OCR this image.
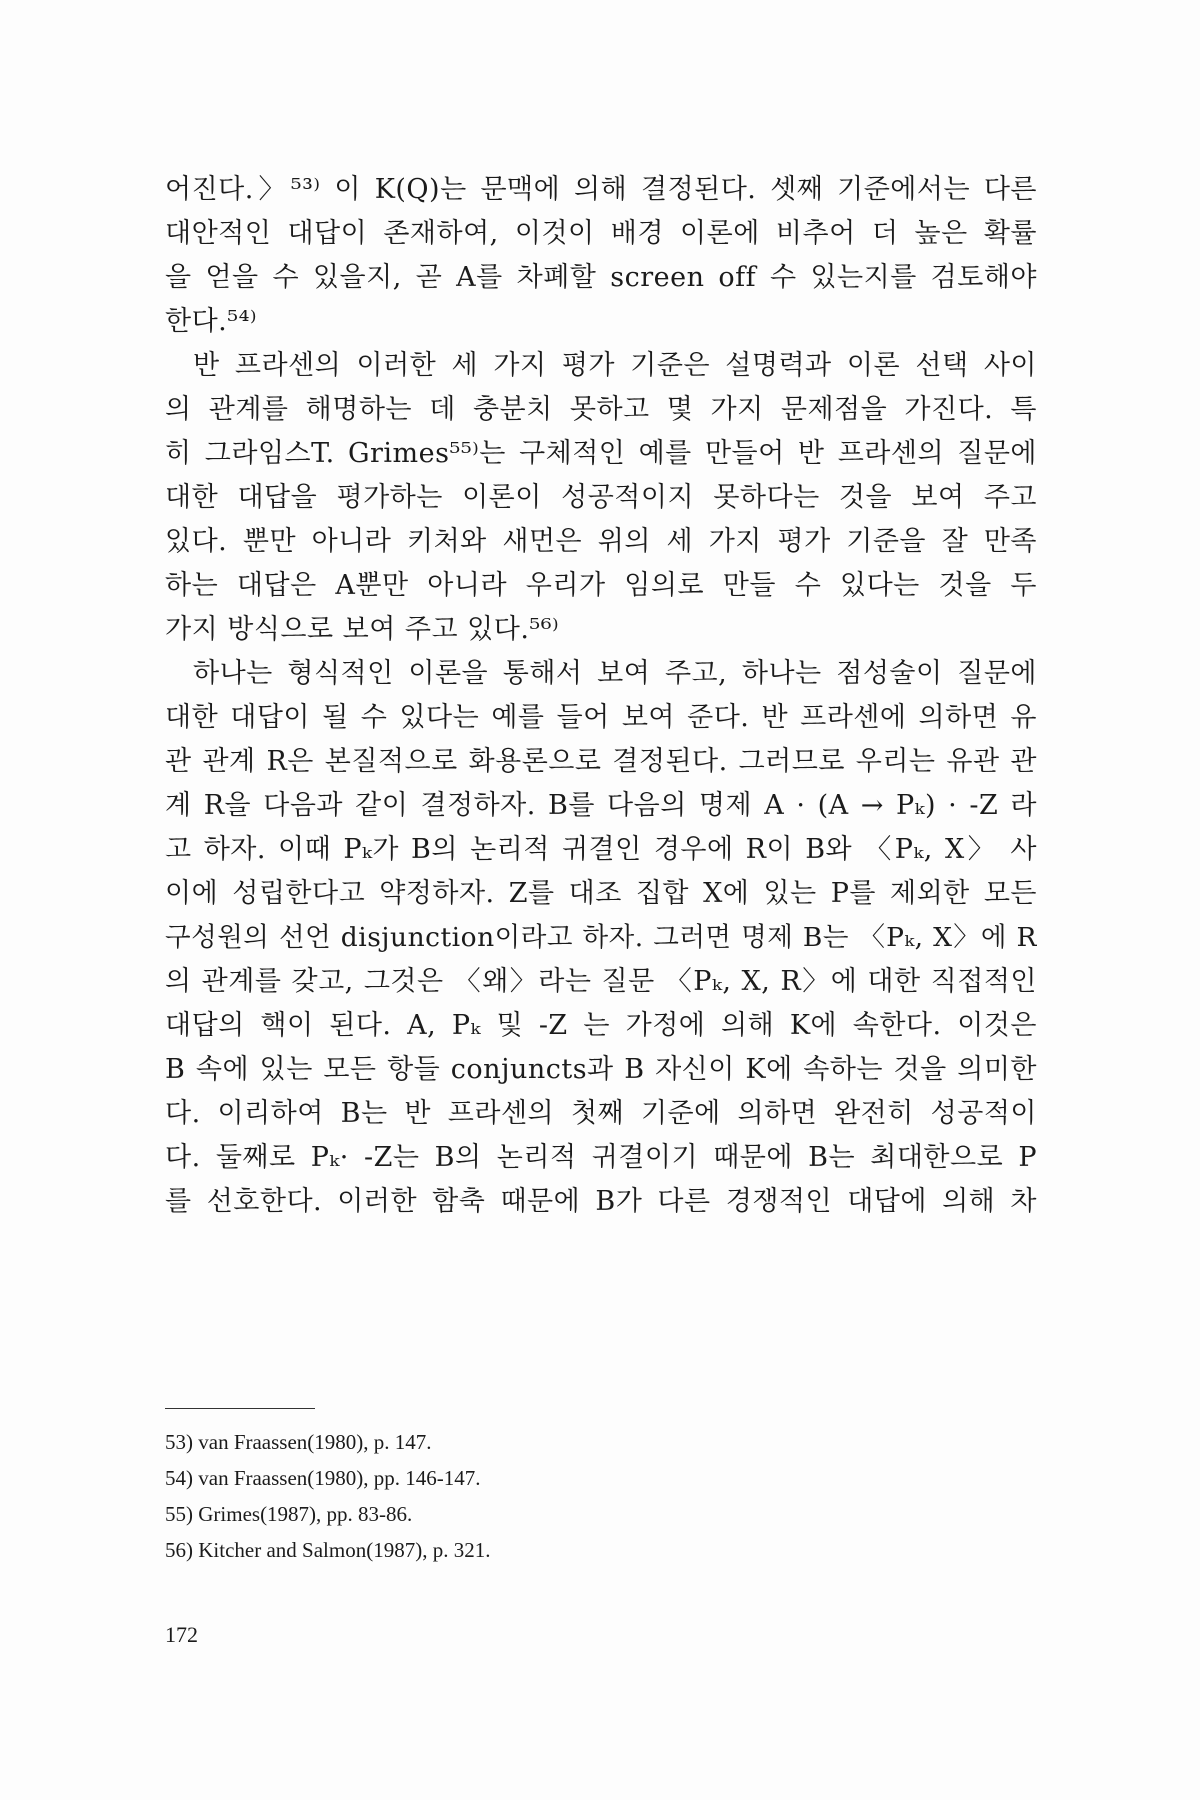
어진다.〉⁵³⁾ 이 K(Q)는 문맥에 의해 결정된다. 셋째 기준에서는 다른
대안적인 대답이 존재하여, 이것이 배경 이론에 비추어 더 높은 확률
을 얻을 수 있을지, 곧 A를 차폐할 screen off 수 있는지를 검토해야
한다.⁵⁴⁾
반 프라센의 이러한 세 가지 평가 기준은 설명력과 이론 선택 사이
의 관계를 해명하는 데 충분치 못하고 몇 가지 문제점을 가진다. 특
히 그라임스T. Grimes⁵⁵⁾는 구체적인 예를 만들어 반 프라센의 질문에
대한 대답을 평가하는 이론이 성공적이지 못하다는 것을 보여 주고
있다. 뿐만 아니라 키처와 새먼은 위의 세 가지 평가 기준을 잘 만족
하는 대답은 A뿐만 아니라 우리가 임의로 만들 수 있다는 것을 두
가지 방식으로 보여 주고 있다.⁵⁶⁾
하나는 형식적인 이론을 통해서 보여 주고, 하나는 점성술이 질문에
대한 대답이 될 수 있다는 예를 들어 보여 준다. 반 프라센에 의하면 유
관 관계 R은 본질적으로 화용론으로 결정된다. 그러므로 우리는 유관 관
계 R을 다음과 같이 결정하자. B를 다음의 명제 A · (A → Pₖ) · -Z 라
고 하자. 이때 Pₖ가 B의 논리적 귀결인 경우에 R이 B와 〈Pₖ, X〉 사
이에 성립한다고 약정하자. Z를 대조 집합 X에 있는 P를 제외한 모든
구성원의 선언 disjunction이라고 하자. 그러면 명제 B는 〈Pₖ, X〉에 R
의 관계를 갖고, 그것은 〈왜〉라는 질문 〈Pₖ, X, R〉에 대한 직접적인
대답의 핵이 된다. A, Pₖ 및 -Z 는 가정에 의해 K에 속한다. 이것은
B 속에 있는 모든 항들 conjuncts과 B 자신이 K에 속하는 것을 의미한
다. 이리하여 B는 반 프라센의 첫째 기준에 의하면 완전히 성공적이
다. 둘째로 Pₖ· -Z는 B의 논리적 귀결이기 때문에 B는 최대한으로 P
를 선호한다. 이러한 함축 때문에 B가 다른 경쟁적인 대답에 의해 차
53) van Fraassen(1980), p. 147.
54) van Fraassen(1980), pp. 146-147.
55) Grimes(1987), pp. 83-86.
56) Kitcher and Salmon(1987), p. 321.
172
